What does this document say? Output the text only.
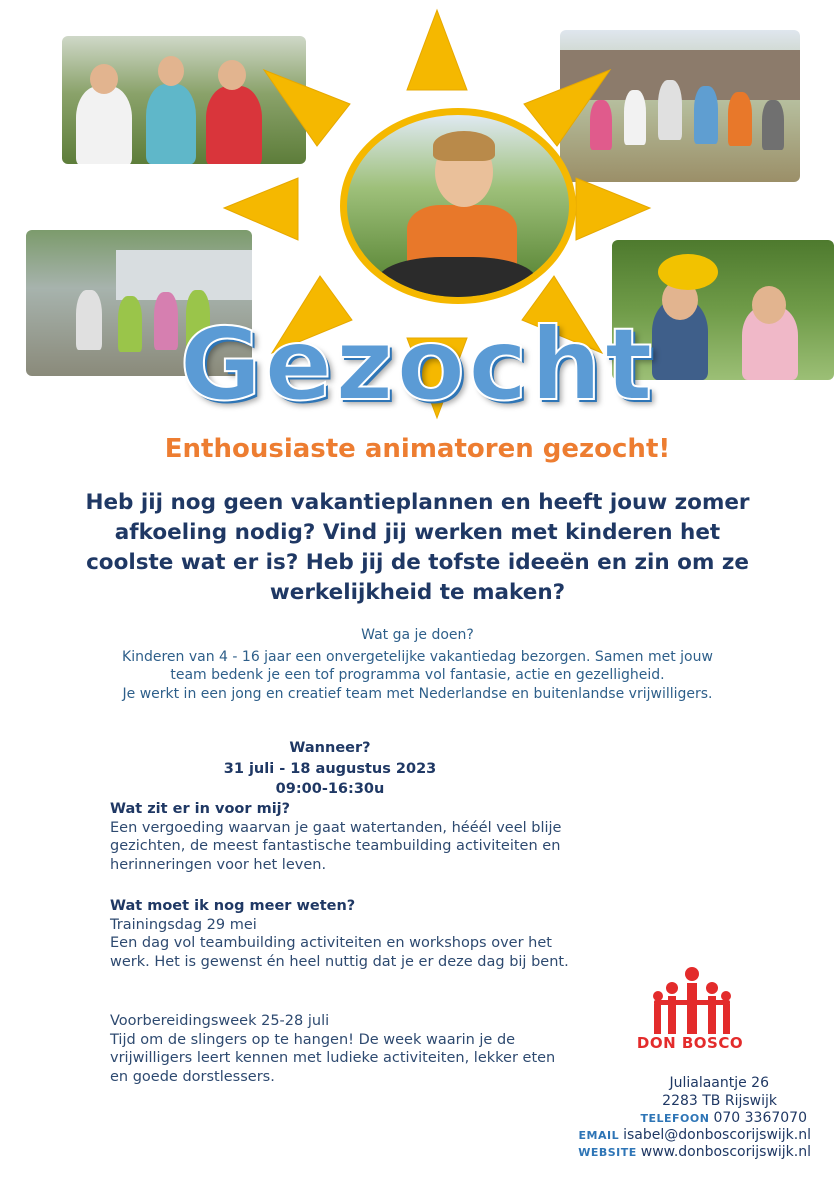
Gezocht
Enthousiaste animatoren gezocht!
Heb jij nog geen vakantieplannen en heeft jouw zomer afkoeling nodig? Vind jij werken met kinderen het coolste wat er is? Heb jij de tofste ideeën en zin om ze werkelijkheid te maken?
Wat ga je doen?
Kinderen van 4 - 16 jaar een onvergetelijke vakantiedag bezorgen. Samen met jouw
team bedenk je een tof programma vol fantasie, actie en gezelligheid.
Je werkt in een jong en creatief team met Nederlandse en buitenlandse vrijwilligers.
Wanneer?
31 juli - 18 augustus 2023
09:00-16:30u
Wat zit er in voor mij?
Een vergoeding waarvan je gaat watertanden, hééél veel blije gezichten, de meest fantastische teambuilding activiteiten en herinneringen voor het leven.
Wat moet ik nog meer weten?
Trainingsdag 29 mei
Een dag vol teambuilding activiteiten en workshops over het werk. Het is gewenst én heel nuttig dat je er deze dag bij bent.
Voorbereidingsweek 25-28 juli
Tijd om de slingers op te hangen! De week waarin je de vrijwilligers leert kennen met ludieke activiteiten, lekker eten en goede dorstlessers.
DON BOSCO
Julialaantje 26
2283 TB Rijswijk
TELEFOON 070 3367070
EMAIL isabel@donboscorijswijk.nl
WEBSITE www.donboscorijswijk.nl
